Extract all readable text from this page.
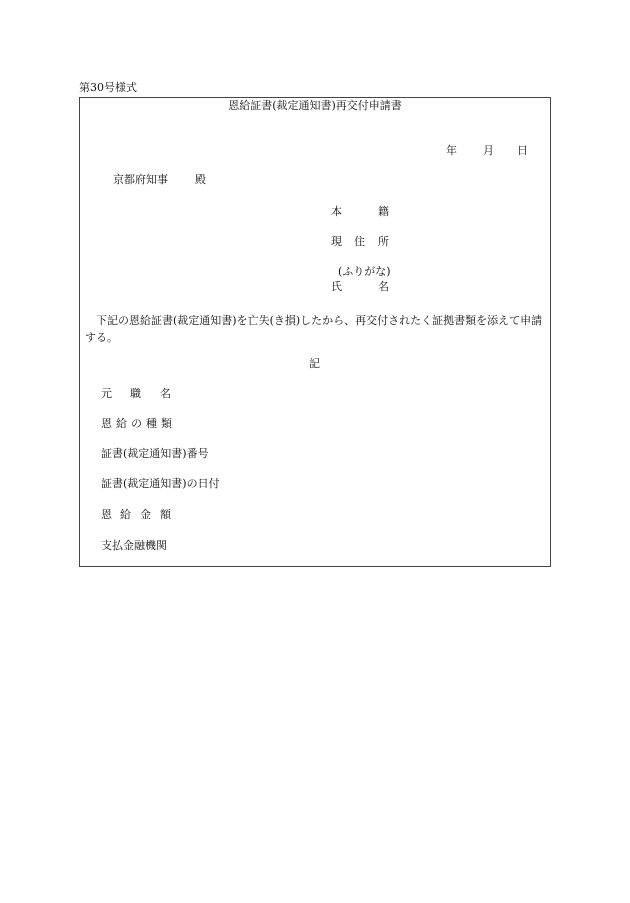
第30号様式
恩給証書(裁定通知書)再交付申請書
年 月 日
京都府知事 殿
本	籍
現 住 所
(ふりがな)
氏	名
下記の恩給証書(裁定通知書)を亡失(き損)したから、再交付されたく証拠書類を添えて申請する。
記
元 職 名
恩 給 の 種 類
証書(裁定通知書)番号
証書(裁定通知書)の日付
恩 給 金 額
支払金融機関
